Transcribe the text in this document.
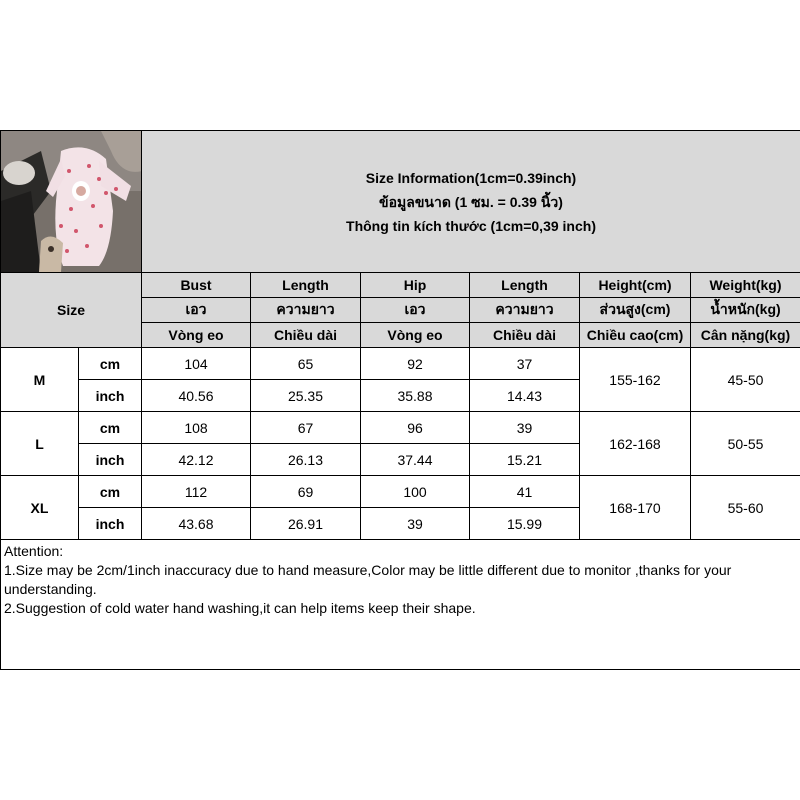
Size Information(1cm=0.39inch)
ข้อมูลขนาด (1 ซม. = 0.39 นิ้ว)
Thông tin kích thước (1cm=0,39 inch)					

Size		Bust	Length	Hip	Length	Height(cm)	Weight(kg)
		เอว	ความยาว	เอว	ความยาว	ส่วนสูง(cm)	น้ำหนัก(kg)
		Vòng eo	Chiều dài	Vòng eo	Chiều dài	Chiều cao(cm)	Cân nặng(kg)
M	cm	104	65	92	37	155-162	45-50
	inch	40.56	25.35	35.88	14.43		
L	cm	108	67	96	39	162-168	50-55
	inch	42.12	26.13	37.44	15.21		
XL	cm	112	69	100	41	168-170	55-60
	inch	43.68	26.91	39	15.99		

Attention:
1.Size may be 2cm/1inch inaccuracy due to hand measure,Color may be little different due to monitor ,thanks for your understanding.
2.Suggestion of cold water hand washing,it can help items keep their shape.							
